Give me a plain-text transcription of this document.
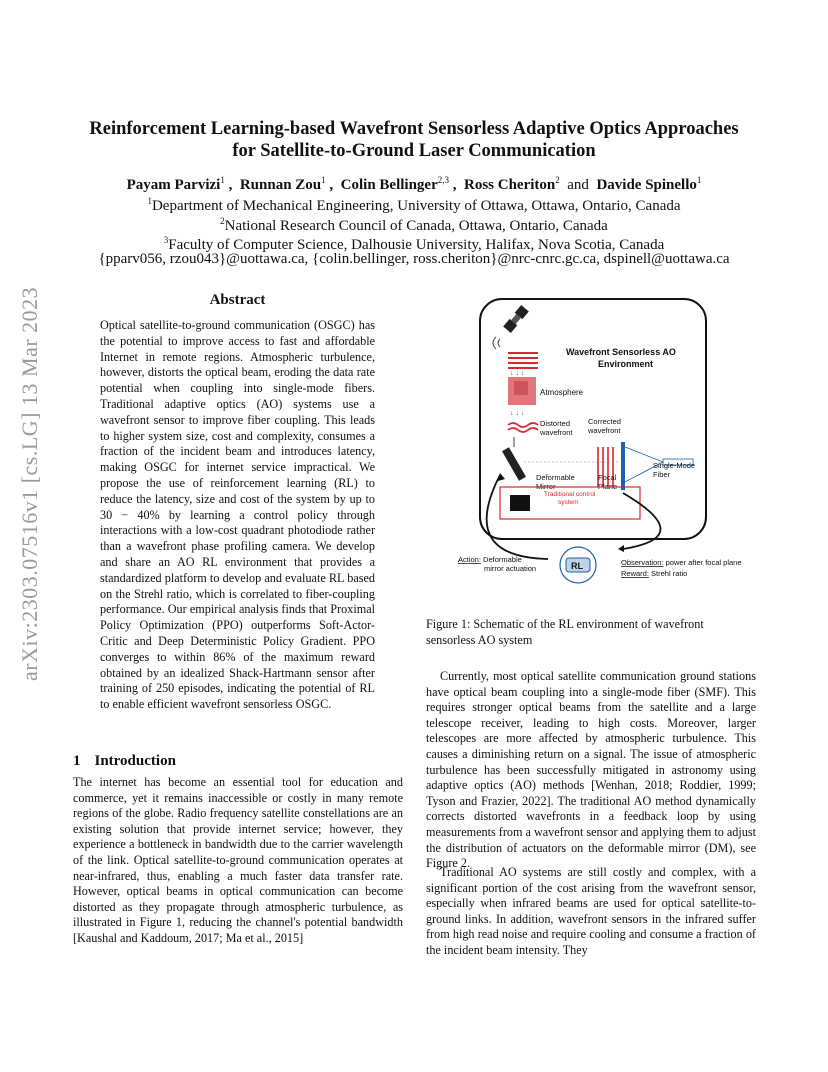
Reinforcement Learning-based Wavefront Sensorless Adaptive Optics Approaches
for Satellite-to-Ground Laser Communication
Payam Parvizi$^1$ ,  Runnan Zou$^1$ ,  Colin Bellinger$^{2,3}$ ,  Ross Cheriton$^2$ and Davide Spinello$^1$
$^1$Department of Mechanical Engineering, University of Ottawa, Ottawa, Ontario, Canada
$^2$National Research Council of Canada, Ottawa, Ontario, Canada
$^3$Faculty of Computer Science, Dalhousie University, Halifax, Nova Scotia, Canada
{pparv056, rzou043}@uottawa.ca, {colin.bellinger, ross.cheriton}@nrc-cnrc.gc.ca, dspinell@uottawa.ca
arXiv:2303.07516v1 [cs.LG] 13 Mar 2023	Abstract
Optical satellite-to-ground communication (OSGC) has the potential to improve access to fast and affordable Internet in remote regions. Atmospheric turbulence, however, distorts the optical beam, eroding the data rate potential when coupling into single-mode fibers. Traditional adaptive optics (AO) systems use a wavefront sensor to improve fiber coupling. This leads to higher system size, cost and complexity, consumes a fraction of the incident beam and introduces latency, making OSGC for internet service impractical. We propose the use of reinforcement learning (RL) to reduce the latency, size and cost of the system by up to 30 − 40% by learning a control policy through interactions with a low-cost quadrant photodiode rather than a wavefront phase profiling camera. We develop and share an AO RL environment that provides a standardized platform to develop and evaluate RL based on the Strehl ratio, which is correlated to fiber-coupling performance. Our empirical analysis finds that Proximal Policy Optimization (PPO) outperforms Soft-Actor-Critic and Deep Deterministic Policy Gradient. PPO converges to within 86% of the maximum reward obtained by an idealized Shack-Hartmann sensor after training of 250 episodes, indicating the potential of RL to enable efficient wavefront sensorless OSGC.
1 Introduction
The internet has become an essential tool for education and commerce, yet it remains inaccessible or costly in many remote regions of the globe. Radio frequency satellite constellations are an existing solution that provide internet service; however, they experience a bottleneck in bandwidth due to the carrier wavelength of the link. Optical satellite-to-ground communication operates at near-infrared, thus, enabling a much faster data transfer rate. However, optical beams in optical communication can become distorted as they propagate through atmospheric turbulence, as illustrated in Figure 1, reducing the channel's potential bandwidth [Kaushal and Kaddoum, 2017; Ma et al., 2015]
↓ ↓ ↓
Atmosphere
↓ ↓ ↓
Distorted
wavefront
Corrected
wavefront
Deformable
Mirror
Focal
Plane
Single-Mode
Fiber
Wavefront Sensorless AO
Environment
Traditional control
system
RL
Action: Deformable
mirror actuation
Observation: power after focal plane
Reward: Strehl ratio
Figure 1: Schematic of the RL environment of wavefront sensorless AO system
Currently, most optical satellite communication ground stations have optical beam coupling into a single-mode fiber (SMF). This requires stronger optical beams from the satellite and a large telescope receiver, leading to high costs. Moreover, larger telescopes are more affected by atmospheric turbulence. This causes a diminishing return on a signal. The issue of atmospheric turbulence has been successfully mitigated in astronomy using adaptive optics (AO) methods [Wenhan, 2018; Roddier, 1999; Tyson and Frazier, 2022]. The traditional AO method dynamically corrects distorted wavefronts in a feedback loop by using measurements from a wavefront sensor and applying them to adjust the distribution of actuators on the deformable mirror (DM), see Figure 2.
Traditional AO systems are still costly and complex, with a significant portion of the cost arising from the wavefront sensor, especially when infrared beams are used for optical satellite-to-ground links. In addition, wavefront sensors in the infrared suffer from high read noise and require cooling and consume a fraction of the incident beam intensity. They
